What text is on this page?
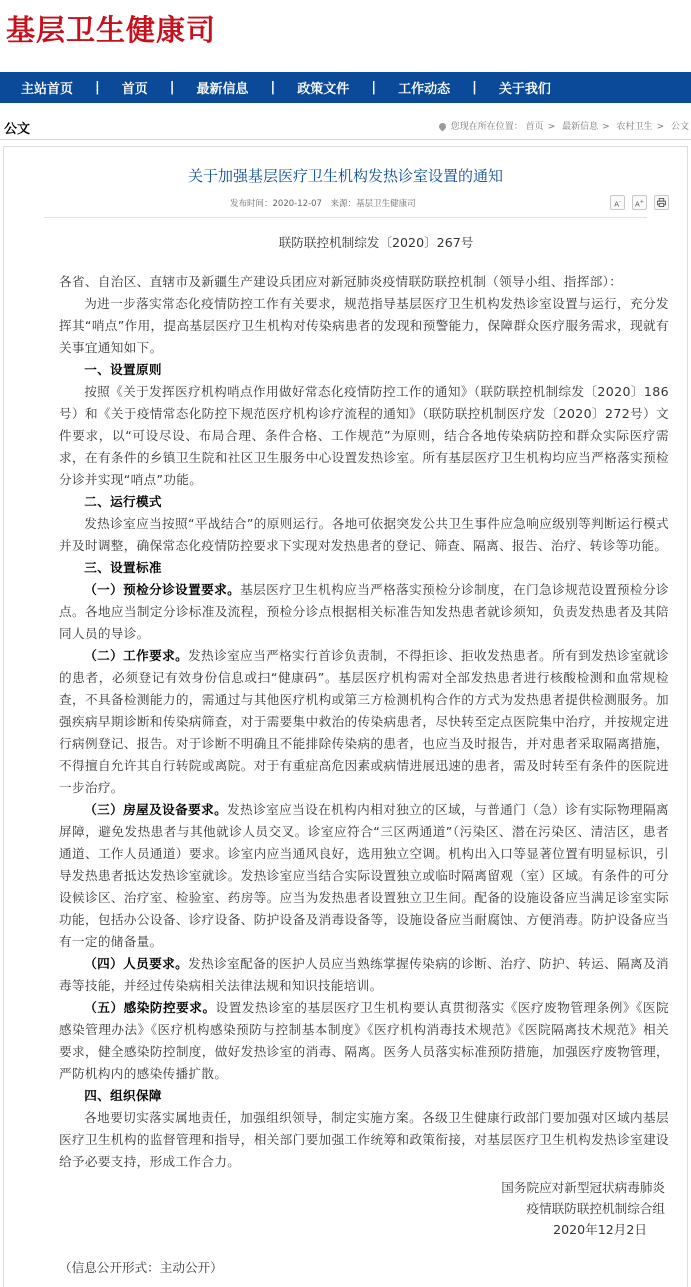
基层卫生健康司
主站首页 | 首页 | 最新信息 | 政策文件 | 工作动态 | 关于我们
公文	您现在所在位置： 首页 > 最新信息 > 农村卫生 > 公文
关于加强基层医疗卫生机构发热诊室设置的通知
发布时间：2020-12-07 来源：基层卫生健康司	A-	A+
联防联控机制综发〔2020〕267号

各省、自治区、直辖市及新疆生产建设兵团应对新冠肺炎疫情联防联控机制（领导小组、指挥部）：

为进一步落实常态化疫情防控工作有关要求，规范指导基层医疗卫生机构发热诊室设置与运行，充分发挥其“哨点”作用，提高基层医疗卫生机构对传染病患者的发现和预警能力，保障群众医疗服务需求，现就有关事宜通知如下。

一、设置原则

按照《关于发挥医疗机构哨点作用做好常态化疫情防控工作的通知》（联防联控机制综发〔2020〕186号）和《关于疫情常态化防控下规范医疗机构诊疗流程的通知》（联防联控机制医疗发〔2020〕272号）文件要求，以“可设尽设、布局合理、条件合格、工作规范”为原则，结合各地传染病防控和群众实际医疗需求，在有条件的乡镇卫生院和社区卫生服务中心设置发热诊室。所有基层医疗卫生机构均应当严格落实预检分诊并实现“哨点”功能。

二、运行模式

发热诊室应当按照“平战结合”的原则运行。各地可依据突发公共卫生事件应急响应级别等判断运行模式并及时调整，确保常态化疫情防控要求下实现对发热患者的登记、筛查、隔离、报告、治疗、转诊等功能。

三、设置标准

（一）预检分诊设置要求。基层医疗卫生机构应当严格落实预检分诊制度，在门急诊规范设置预检分诊点。各地应当制定分诊标准及流程，预检分诊点根据相关标准告知发热患者就诊须知，负责发热患者及其陪同人员的导诊。

（二）工作要求。发热诊室应当严格实行首诊负责制，不得拒诊、拒收发热患者。所有到发热诊室就诊的患者，必须登记有效身份信息或扫“健康码”。基层医疗机构需对全部发热患者进行核酸检测和血常规检查，不具备检测能力的，需通过与其他医疗机构或第三方检测机构合作的方式为发热患者提供检测服务。加强疾病早期诊断和传染病筛查，对于需要集中救治的传染病患者，尽快转至定点医院集中治疗，并按规定进行病例登记、报告。对于诊断不明确且不能排除传染病的患者，也应当及时报告，并对患者采取隔离措施，不得擅自允许其自行转院或离院。对于有重症高危因素或病情进展迅速的患者，需及时转至有条件的医院进一步治疗。

（三）房屋及设备要求。发热诊室应当设在机构内相对独立的区域，与普通门（急）诊有实际物理隔离屏障，避免发热患者与其他就诊人员交叉。诊室应符合“三区两通道”（污染区、潜在污染区、清洁区，患者通道、工作人员通道）要求。诊室内应当通风良好，选用独立空调。机构出入口等显著位置有明显标识，引导发热患者抵达发热诊室就诊。发热诊室应当结合实际设置独立或临时隔离留观（室）区域。有条件的可分设候诊区、治疗室、检验室、药房等。应当为发热患者设置独立卫生间。配备的设施设备应当满足诊室实际功能，包括办公设备、诊疗设备、防护设备及消毒设备等，设施设备应当耐腐蚀、方便消毒。防护设备应当有一定的储备量。

（四）人员要求。发热诊室配备的医护人员应当熟练掌握传染病的诊断、治疗、防护、转运、隔离及消毒等技能，并经过传染病相关法律法规和知识技能培训。

（五）感染防控要求。设置发热诊室的基层医疗卫生机构要认真贯彻落实《医疗废物管理条例》《医院感染管理办法》《医疗机构感染预防与控制基本制度》《医疗机构消毒技术规范》《医院隔离技术规范》相关要求，健全感染防控制度，做好发热诊室的消毒、隔离。医务人员落实标准预防措施，加强医疗废物管理，严防机构内的感染传播扩散。

四、组织保障

各地要切实落实属地责任，加强组织领导，制定实施方案。各级卫生健康行政部门要加强对区域内基层医疗卫生机构的监督管理和指导，相关部门要加强工作统筹和政策衔接，对基层医疗卫生机构发热诊室建设给予必要支持，形成工作合力。

国务院应对新型冠状病毒肺炎
疫情联防联控机制综合组
2020年12月2日
（信息公开形式：主动公开）
